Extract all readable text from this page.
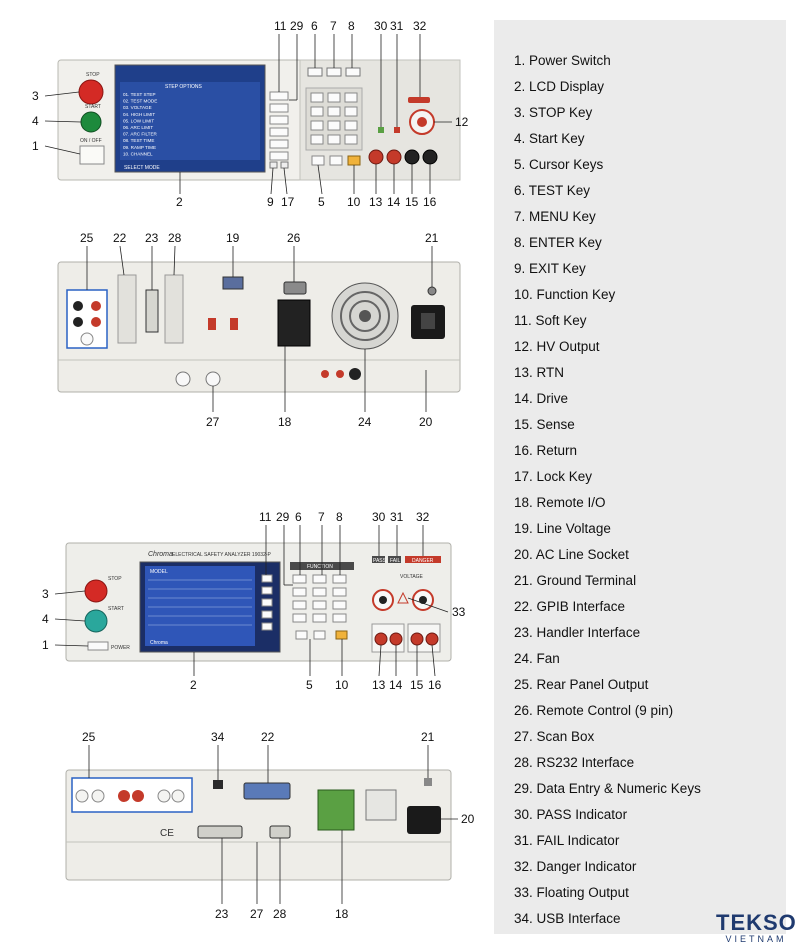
STOP
START
ON / OFF
STEP OPTIONS
01. TEST STEP
02. TEST MODE
03. VOLTAGE
04. HIGH LIMIT
05. LOW LIMIT
06. ARC LIMIT
07. ARC FILTER
08. TEST TIME
09. RAMP TIME
10. CHANNEL
SELECT MODE
11 29 6 7 8 30 31 32
3
4
1
12
2	9 17 5 10 13 14 15 16
25 22 23 28	19	26	21
27	18	24	20
Chroma ELECTRICAL SAFETY ANALYZER 19032-P
STOP
START
POWER
MODEL
Chroma
FUNCTION
PASS FAIL DANGER
VOLTAGE
11 29 6 7 8 30 31 32
3
4
1
33
2	5 10 13 14 15 16
CE
25	34	22	21
20
23 27 28	18
1. Power Switch
2. LCD Display
3. STOP Key
4. Start Key
5. Cursor Keys
6. TEST Key
7. MENU Key
8. ENTER Key
9. EXIT Key
10. Function Key
11. Soft Key
12. HV Output
13. RTN
14. Drive
15. Sense
16. Return
17. Lock Key
18. Remote I/O
19. Line Voltage
20. AC Line Socket
21. Ground Terminal
22. GPIB Interface
23. Handler Interface
24. Fan
25. Rear Panel Output
26. Remote Control (9 pin)
27. Scan Box
28. RS232 Interface
29. Data Entry & Numeric Keys
30. PASS Indicator
31. FAIL Indicator
32. Danger Indicator
33. Floating Output
34. USB Interface	TEKSO
VIETNAM
